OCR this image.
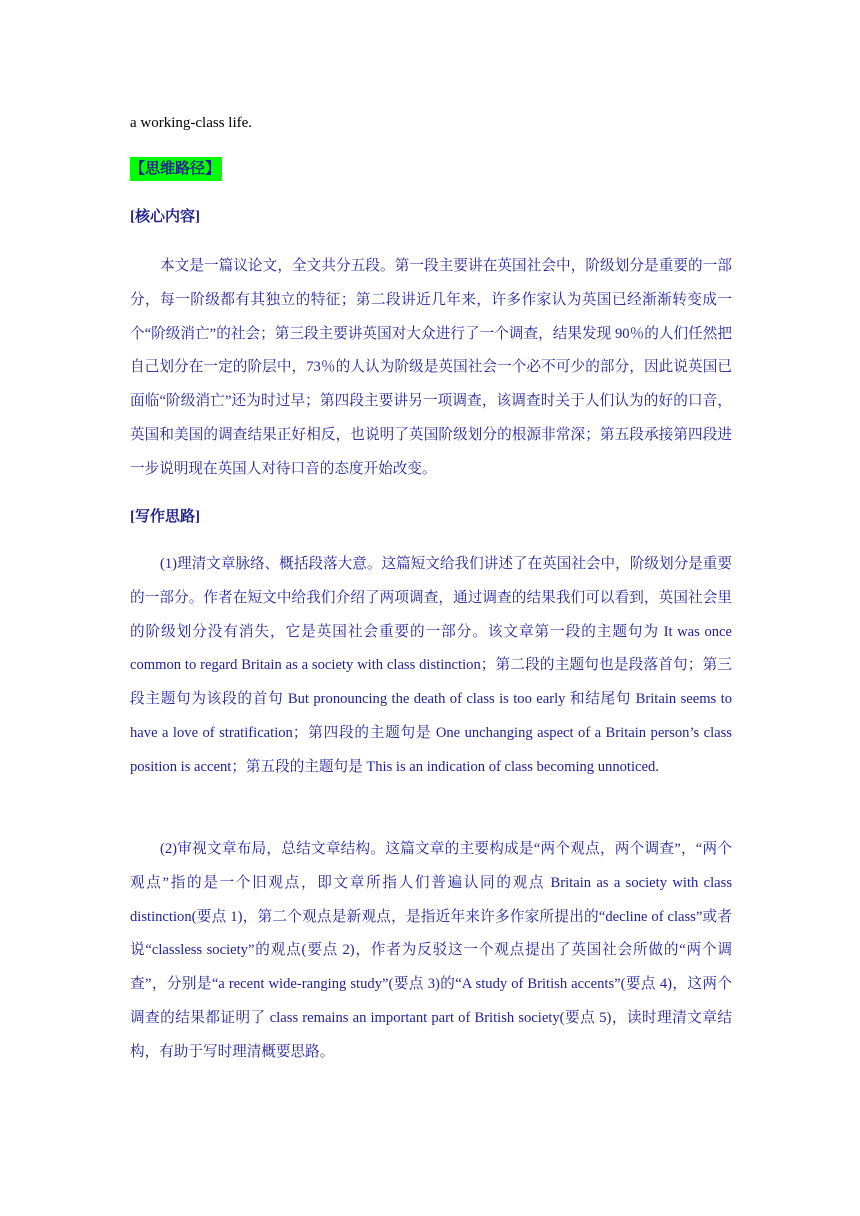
a working-class life.
【思维路径】
[核心内容]

本文是一篇议论文，全文共分五段。第一段主要讲在英国社会中，阶级划分是重要的一部分，每一阶级都有其独立的特征；第二段讲近几年来，许多作家认为英国已经渐渐转变成一个“阶级消亡”的社会；第三段主要讲英国对大众进行了一个调查，结果发现 90％的人们任然把自己划分在一定的阶层中，73％的人认为阶级是英国社会一个必不可少的部分，因此说英国已面临“阶级消亡”还为时过早；第四段主要讲另一项调查，该调查时关于人们认为的好的口音，英国和美国的调查结果正好相反，也说明了英国阶级划分的根源非常深；第五段承接第四段进一步说明现在英国人对待口音的态度开始改变。

[写作思路]

(1)理清文章脉络、概括段落大意。这篇短文给我们讲述了在英国社会中，阶级划分是重要的一部分。作者在短文中给我们介绍了两项调查，通过调查的结果我们可以看到，英国社会里的阶级划分没有消失，它是英国社会重要的一部分。该文章第一段的主题句为 It was once common to regard Britain as a society with class distinction；第二段的主题句也是段落首句；第三段主题句为该段的首句 But pronouncing the death of class is too early 和结尾句 Britain seems to have a love of stratification；第四段的主题句是 One unchanging aspect of a Britain person’s class position is accent；第五段的主题句是 This is an indication of class becoming unnoticed.

(2)审视文章布局，总结文章结构。这篇文章的主要构成是“两个观点，两个调查”，“两个观点”指的是一个旧观点，即文章所指人们普遍认同的观点 Britain as a society with class distinction(要点 1)，第二个观点是新观点，是指近年来许多作家所提出的“decline of class”或者说“classless society”的观点(要点 2)，作者为反驳这一个观点提出了英国社会所做的“两个调查”，分别是“a recent wide-ranging study”(要点 3)的“A study of British accents”(要点 4)，这两个调查的结果都证明了 class remains an important part of British society(要点 5)，读时理清文章结构，有助于写时理清概要思路。
